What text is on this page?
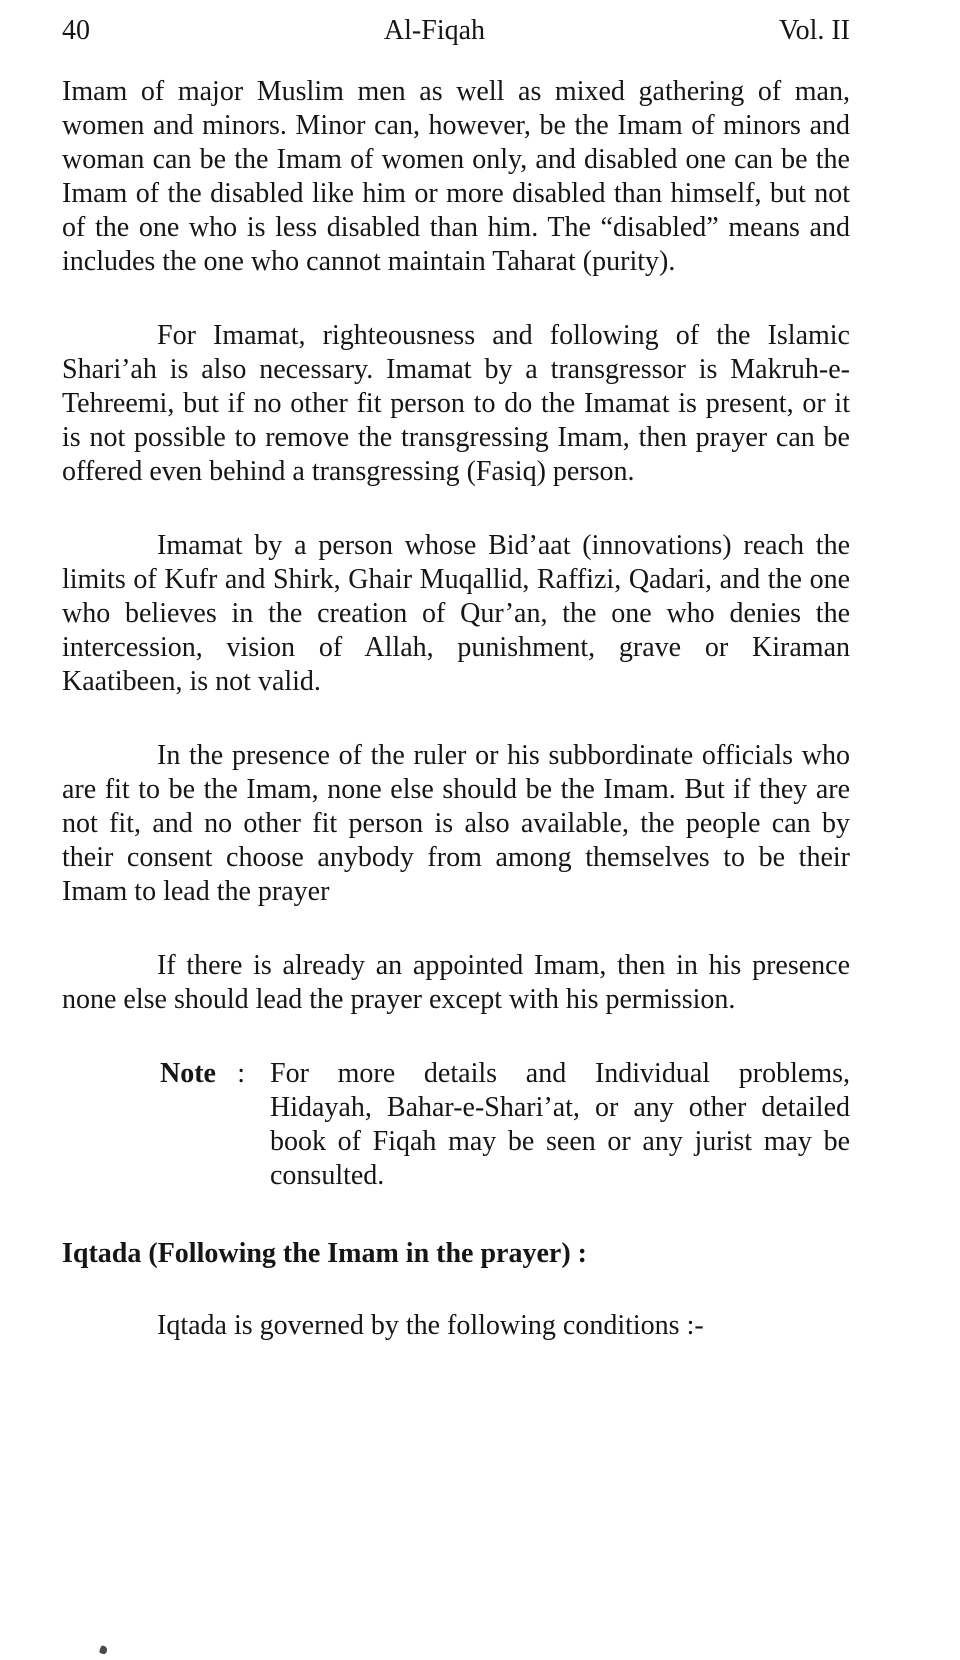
40	Al-Fiqah	Vol. II

Imam of major Muslim men as well as mixed gathering of man, women and minors. Minor can, however, be the Imam of minors and woman can be the Imam of women only, and disabled one can be the Imam of the disabled like him or more disabled than himself, but not of the one who is less disabled than him. The “disabled” means and includes the one who cannot maintain Taharat (purity).

For Imamat, righteousness and following of the Islamic Shari’ah is also necessary. Imamat by a transgressor is Makruh-e-Tehreemi, but if no other fit person to do the Imamat is present, or it is not possible to remove the transgressing Imam, then prayer can be offered even behind a transgressing (Fasiq) person.

Imamat by a person whose Bid’aat (innovations) reach the limits of Kufr and Shirk, Ghair Muqallid, Raffizi, Qadari, and the one who believes in the creation of Qur’an, the one who denies the intercession, vision of Allah, punishment, grave or Kiraman Kaatibeen, is not valid.

In the presence of the ruler or his subbordinate officials who are fit to be the Imam, none else should be the Imam. But if they are not fit, and no other fit person is also available, the people can by their consent choose anybody from among themselves to be their Imam to lead the prayer

If there is already an appointed Imam, then in his presence none else should lead the prayer except with his permission.

Note : For more details and Individual problems, Hidayah, Bahar-e-Shari’at, or any other detailed book of Fiqah may be seen or any jurist may be consulted.

Iqtada (Following the Imam in the prayer) :

Iqtada is governed by the following conditions :-
